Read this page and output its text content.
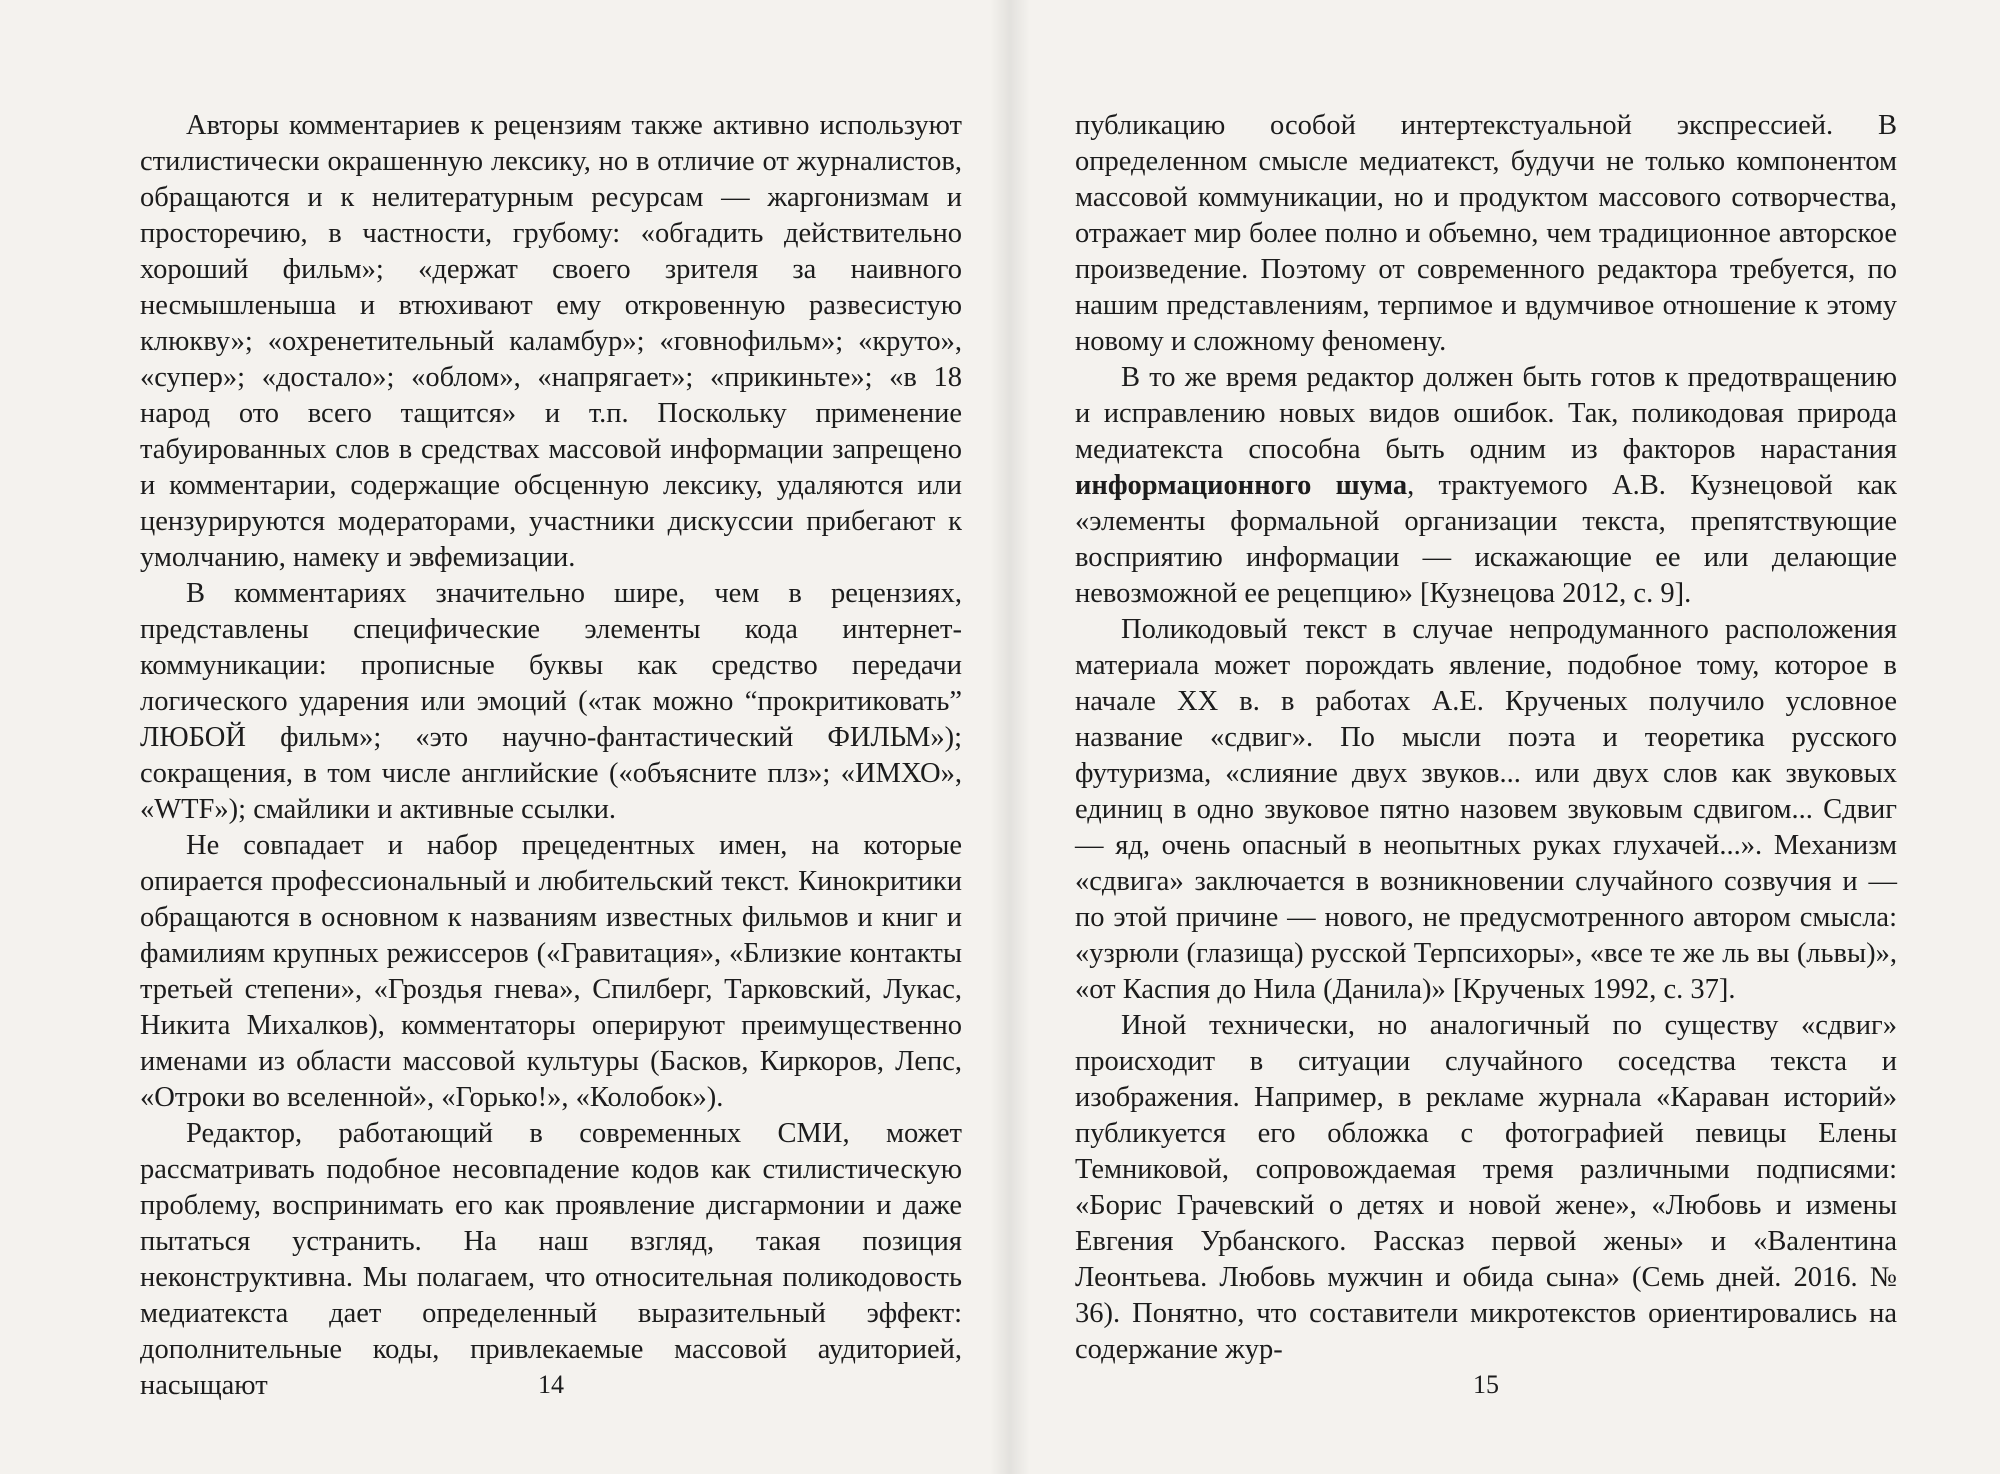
Авторы комментариев к рецензиям также активно используют стилистически окрашенную лексику, но в отличие от журналистов, обращаются и к нелитературным ресурсам — жаргонизмам и просторечию, в частности, грубому: «обгадить действительно хороший фильм»; «держат своего зрителя за наивного несмышленыша и втюхивают ему откровенную развесистую клюкву»; «охренетительный каламбур»; «говнофильм»; «круто», «супер»; «достало»; «облом», «напрягает»; «прикиньте»; «в 18 народ ото всего тащится» и т.п. Поскольку применение табуированных слов в средствах массовой информации запрещено и комментарии, содержащие обсценную лексику, удаляются или цензурируются модераторами, участники дискуссии прибегают к умолчанию, намеку и эвфемизации.

В комментариях значительно шире, чем в рецензиях, представлены специфические элементы кода интернет-коммуникации: прописные буквы как средство передачи логического ударения или эмоций («так можно “прокритиковать” ЛЮБОЙ фильм»; «это научно-фантастический ФИЛЬМ»); сокращения, в том числе английские («объясните плз»; «ИМХО», «WTF»); смайлики и активные ссылки.

Не совпадает и набор прецедентных имен, на которые опирается профессиональный и любительский текст. Кинокритики обращаются в основном к названиям известных фильмов и книг и фамилиям крупных режиссеров («Гравитация», «Близкие контакты третьей степени», «Гроздья гнева», Спилберг, Тарковский, Лукас, Никита Михалков), комментаторы оперируют преимущественно именами из области массовой культуры (Басков, Киркоров, Лепс, «Отроки во вселенной», «Горько!», «Колобок»).

Редактор, работающий в современных СМИ, может рассматривать подобное несовпадение кодов как стилистическую проблему, воспринимать его как проявление дисгармонии и даже пытаться устранить. На наш взгляд, такая позиция неконструктивна. Мы полагаем, что относительная поликодовость медиатекста дает определенный выразительный эффект: дополнительные коды, привлекаемые массовой аудиторией, насыщают	14

публикацию особой интертекстуальной экспрессией. В определенном смысле медиатекст, будучи не только компонентом массовой коммуникации, но и продуктом массового сотворчества, отражает мир более полно и объемно, чем традиционное авторское произведение. Поэтому от современного редактора требуется, по нашим представлениям, терпимое и вдумчивое отношение к этому новому и сложному феномену.

В то же время редактор должен быть готов к предотвращению и исправлению новых видов ошибок. Так, поликодовая природа медиатекста способна быть одним из факторов нарастания информационного шума, трактуемого А.В. Кузнецовой как «элементы формальной организации текста, препятствующие восприятию информации — искажающие ее или делающие невозможной ее рецепцию» [Кузнецова 2012, с. 9].

Поликодовый текст в случае непродуманного расположения материала может порождать явление, подобное тому, которое в начале XX в. в работах А.Е. Крученых получило условное название «сдвиг». По мысли поэта и теоретика русского футуризма, «слияние двух звуков... или двух слов как звуковых единиц в одно звуковое пятно назовем звуковым сдвигом... Сдвиг — яд, очень опасный в неопытных руках глухачей...». Механизм «сдвига» заключается в возникновении случайного созвучия и — по этой причине — нового, не предусмотренного автором смысла: «узрюли (глазища) русской Терпсихоры», «все те же ль вы (львы)», «от Каспия до Нила (Данила)» [Крученых 1992, с. 37].

Иной технически, но аналогичный по существу «сдвиг» происходит в ситуации случайного соседства текста и изображения. Например, в рекламе журнала «Караван историй» публикуется его обложка с фотографией певицы Елены Темниковой, сопровождаемая тремя различными подписями: «Борис Грачевский о детях и новой жене», «Любовь и измены Евгения Урбанского. Рассказ первой жены» и «Валентина Леонтьева. Любовь мужчин и обида сына» (Семь дней. 2016. № 36). Понятно, что составители микротекстов ориентировались на содержание жур-

15
